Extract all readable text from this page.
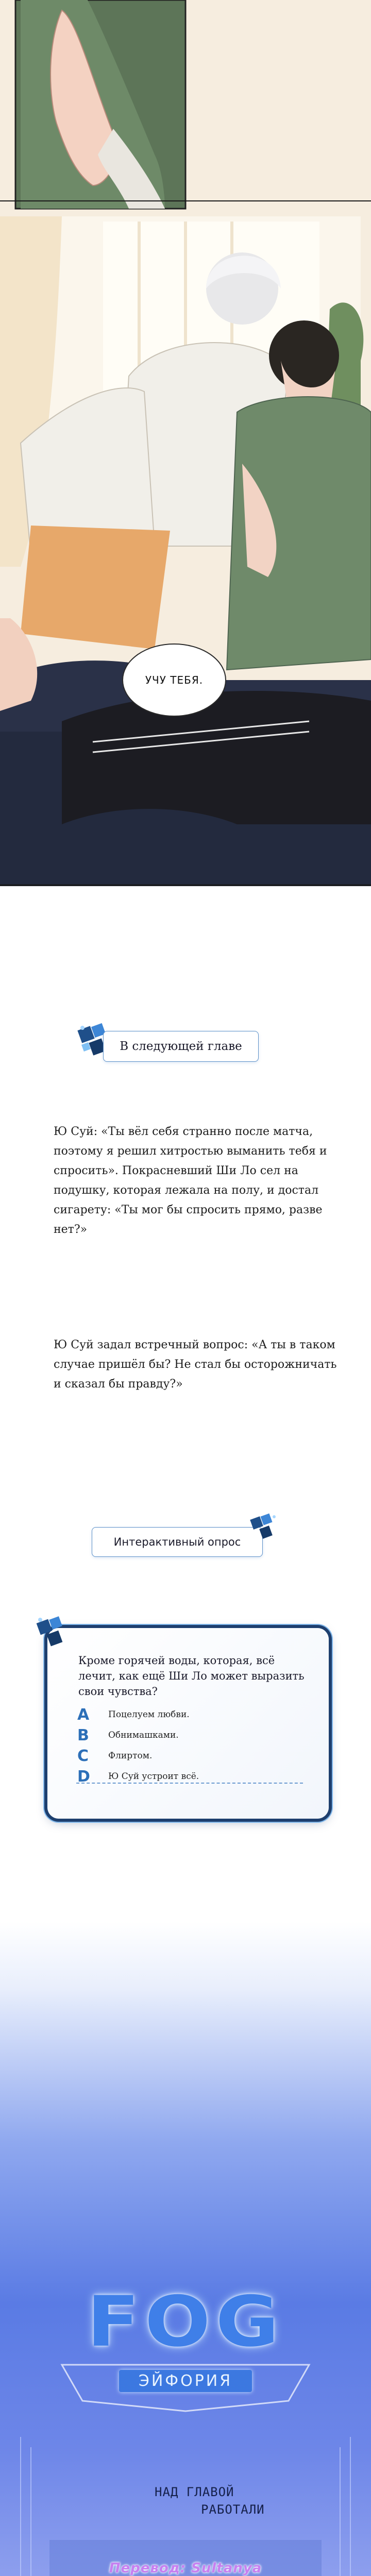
УЧУ ТЕБЯ.
В следующей главе

Ю Суй: «Ты вёл себя странно после матча, поэтому я решил хитростью выманить тебя и спросить». Покрасневший Ши Ло сел на подушку, которая лежала на полу, и достал сигарету: «Ты мог бы спросить прямо, разве нет?»

Ю Суй задал встречный вопрос: «А ты в таком случае пришёл бы? Не стал бы осторожничать и сказал бы правду?»

Интерактивный опрос
Кроме горячей воды, которая, всё лечит, как ещё Ши Ло может выразить свои чувства?
A	Поцелуем любви.
B	Обнимашками.
C	Флиртом.
D	Ю Суй устроит всё.
FOG
ЭЙФОРИЯ
НАД ГЛАВОЙ
РАБОТАЛИ
Перевод: Sultanya
